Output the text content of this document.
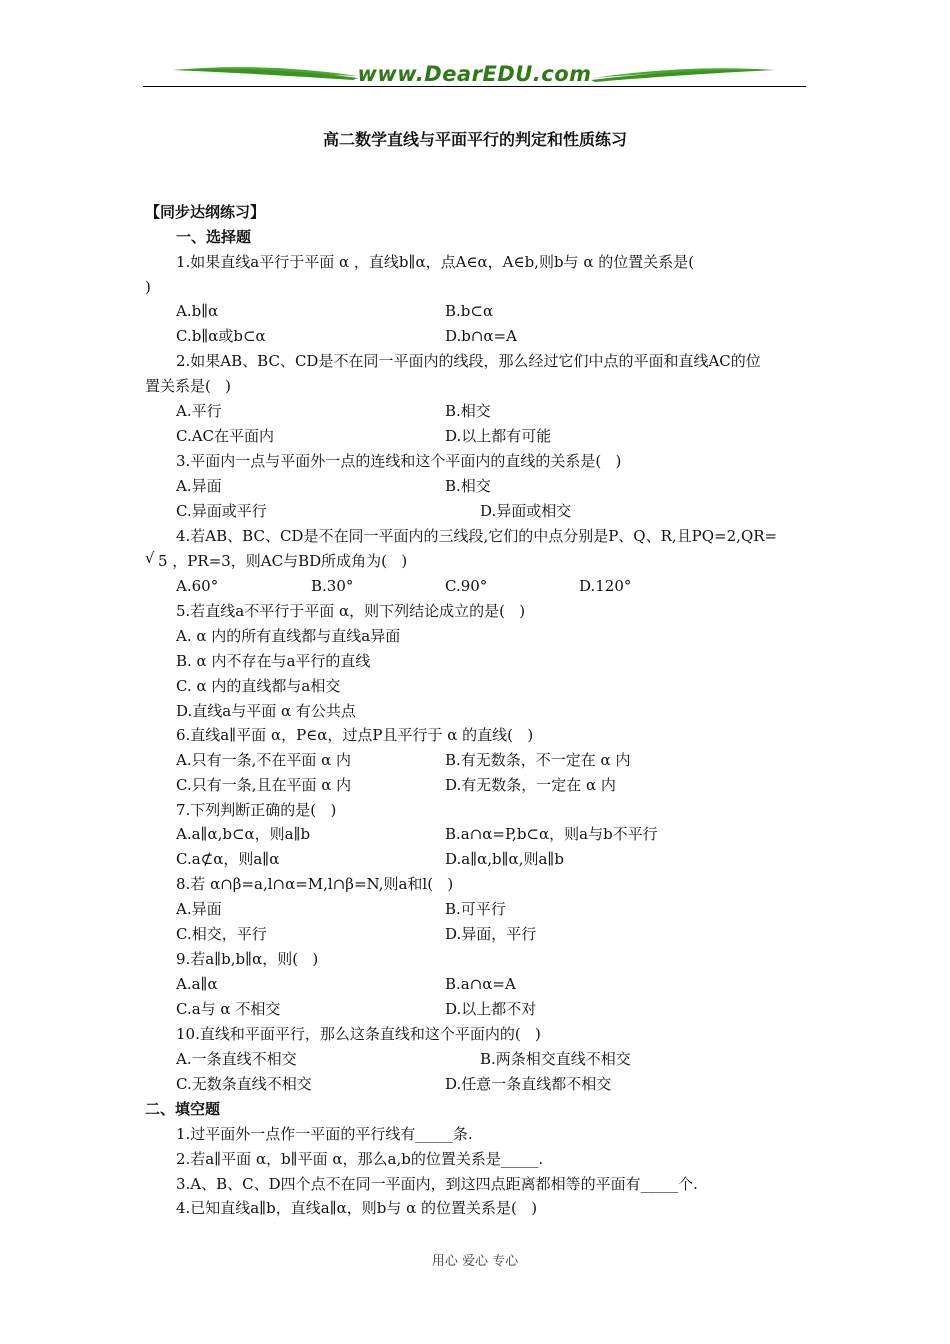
www.DearEDU.com
高二数学直线与平面平行的判定和性质练习
【同步达纲练习】
一、选择题
1.如果直线a平行于平面 α ，直线b∥α，点A∈α，A∈b,则b与 α 的位置关系是(
)
A.b∥α	B.b⊂α
C.b∥α或b⊂α	D.b∩α=A
2.如果AB、BC、CD是不在同一平面内的线段，那么经过它们中点的平面和直线AC的位
置关系是(   )
A.平行	B.相交
C.AC在平面内	D.以上都有可能
3.平面内一点与平面外一点的连线和这个平面内的直线的关系是(   )
A.异面	B.相交
C.异面或平行	D.异面或相交
4.若AB、BC、CD是不在同一平面内的三线段,它们的中点分别是P、Q、R,且PQ=2,QR=
√ 5 ，PR=3，则AC与BD所成角为(   )
A.60°	B.30°	C.90°	D.120°
5.若直线a不平行于平面 α，则下列结论成立的是(   )
A. α 内的所有直线都与直线a异面
B. α 内不存在与a平行的直线
C. α 内的直线都与a相交
D.直线a与平面 α 有公共点
6.直线a∥平面 α，P∈α，过点P且平行于 α 的直线(   )
A.只有一条,不在平面 α 内	B.有无数条，不一定在 α 内
C.只有一条,且在平面 α 内	D.有无数条，一定在 α 内
7.下列判断正确的是(   )
A.a∥α,b⊂α，则a∥b	B.a∩α=P,b⊂α，则a与b不平行
C.a⊄α，则a∥α	D.a∥α,b∥α,则a∥b
8.若 α∩β=a,l∩α=M,l∩β=N,则a和l(   )
A.异面	B.可平行
C.相交，平行	D.异面，平行
9.若a∥b,b∥α，则(   )
A.a∥α	B.a∩α=A
C.a与 α 不相交	D.以上都不对
10.直线和平面平行，那么这条直线和这个平面内的(   )
A.一条直线不相交	B.两条相交直线不相交
C.无数条直线不相交	D.任意一条直线都不相交
二、填空题
1.过平面外一点作一平面的平行线有_____条.
2.若a∥平面 α，b∥平面 α，那么a,b的位置关系是_____.
3.A、B、C、D四个点不在同一平面内，到这四点距离都相等的平面有_____个.
4.已知直线a∥b，直线a∥α，则b与 α 的位置关系是(   )
用心 爱心 专心
